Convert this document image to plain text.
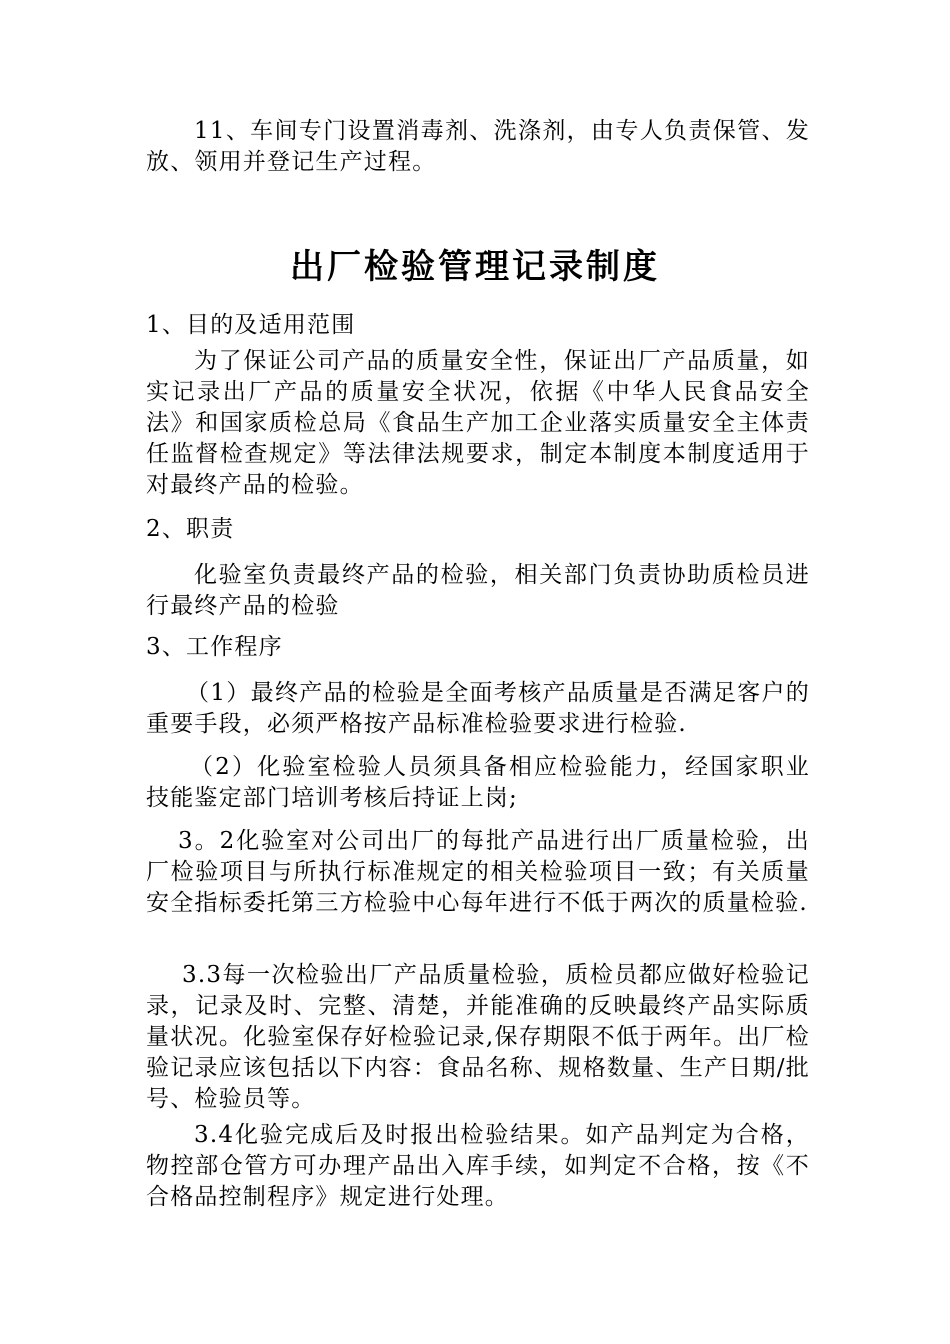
11、车间专门设置消毒剂、洗涤剂，由专人负责保管、发放、领用并登记生产过程。
出厂检验管理记录制度
1、目的及适用范围
为了保证公司产品的质量安全性，保证出厂产品质量，如实记录出厂产品的质量安全状况，依据《中华人民食品安全法》和国家质检总局《食品生产加工企业落实质量安全主体责任监督检查规定》等法律法规要求，制定本制度本制度适用于对最终产品的检验。
2、职责
化验室负责最终产品的检验，相关部门负责协助质检员进行最终产品的检验
3、工作程序
（1）最终产品的检验是全面考核产品质量是否满足客户的重要手段，必须严格按产品标准检验要求进行检验.
（2）化验室检验人员须具备相应检验能力，经国家职业技能鉴定部门培训考核后持证上岗;
3。2化验室对公司出厂的每批产品进行出厂质量检验，出厂检验项目与所执行标准规定的相关检验项目一致；有关质量安全指标委托第三方检验中心每年进行不低于两次的质量检验.
3.3每一次检验出厂产品质量检验，质检员都应做好检验记录，记录及时、完整、清楚，并能准确的反映最终产品实际质量状况。化验室保存好检验记录,保存期限不低于两年。出厂检验记录应该包括以下内容：食品名称、规格数量、生产日期/批号、检验员等。
3.4化验完成后及时报出检验结果。如产品判定为合格，物控部仓管方可办理产品出入库手续，如判定不合格，按《不合格品控制程序》规定进行处理。
